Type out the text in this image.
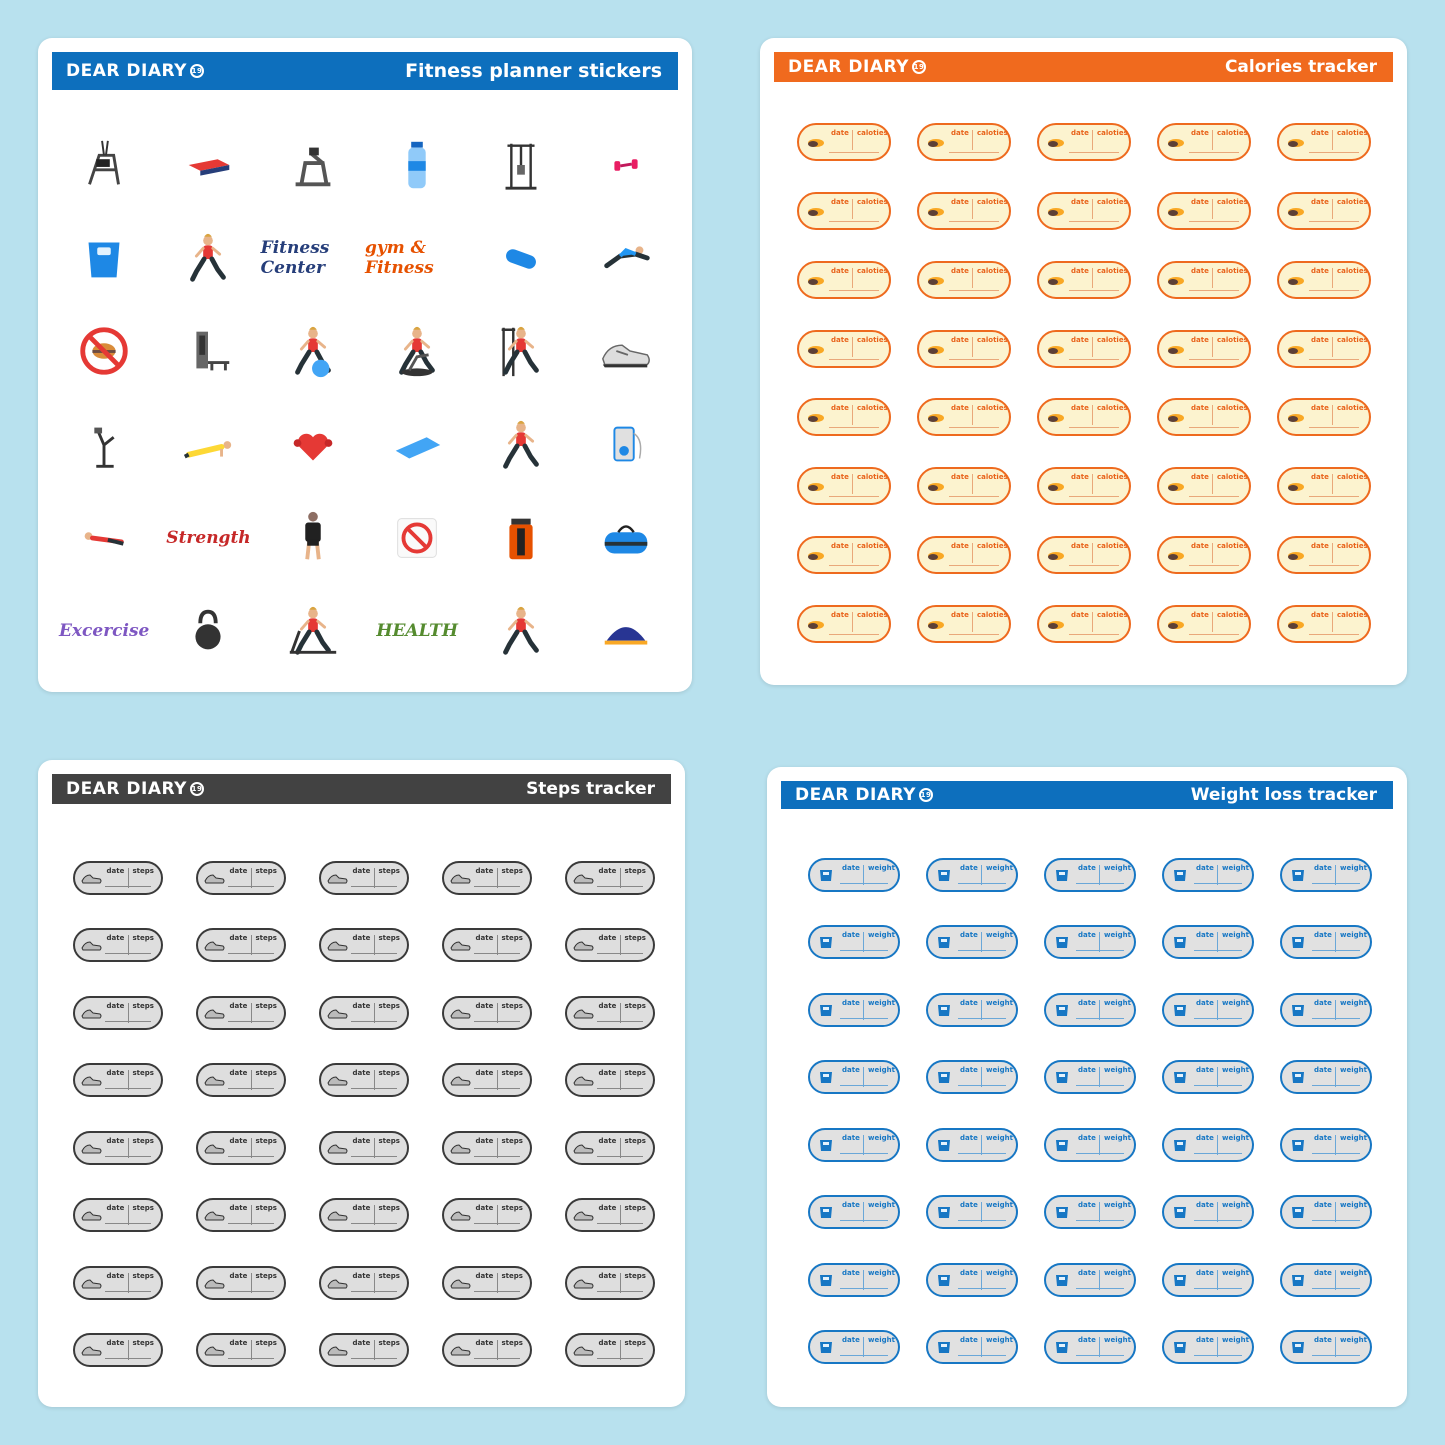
DEAR DIARY 19	Fitness planner stickers
Fitness Center
gym & Fitness
Strength
Excercise	HEALTH
DEAR DIARY 19	Calories tracker
date caloties	date caloties	date caloties	date caloties	date caloties
date caloties	date caloties	date caloties	date caloties	date caloties
date caloties	date caloties	date caloties	date caloties	date caloties
date caloties	date caloties	date caloties	date caloties	date caloties
date caloties	date caloties	date caloties	date caloties	date caloties
date caloties	date caloties	date caloties	date caloties	date caloties
date caloties	date caloties	date caloties	date caloties	date caloties
date caloties	date caloties	date caloties	date caloties	date caloties
DEAR DIARY 19	Steps tracker
date steps	date steps	date steps	date steps	date steps
date steps	date steps	date steps	date steps	date steps
date steps	date steps	date steps	date steps	date steps
date steps	date steps	date steps	date steps	date steps
date steps	date steps	date steps	date steps	date steps
date steps	date steps	date steps	date steps	date steps
date steps	date steps	date steps	date steps	date steps
date steps	date steps	date steps	date steps	date steps
DEAR DIARY 19	Weight loss tracker
date weight	date weight	date weight	date weight	date weight
date weight	date weight	date weight	date weight	date weight
date weight	date weight	date weight	date weight	date weight
date weight	date weight	date weight	date weight	date weight
date weight	date weight	date weight	date weight	date weight
date weight	date weight	date weight	date weight	date weight
date weight	date weight	date weight	date weight	date weight
date weight	date weight	date weight	date weight	date weight
